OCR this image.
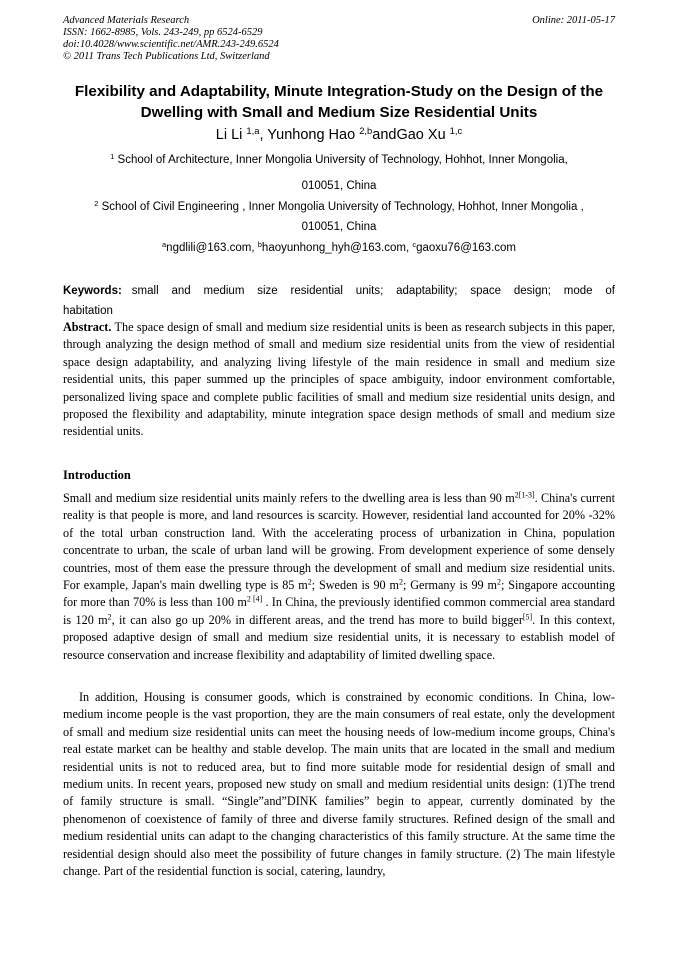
Advanced Materials Research
ISSN: 1662-8985, Vols. 243-249, pp 6524-6529
doi:10.4028/www.scientific.net/AMR.243-249.6524
© 2011 Trans Tech Publications Ltd, Switzerland
Online: 2011-05-17
Flexibility and Adaptability, Minute Integration-Study on the Design of the Dwelling with Small and Medium Size Residential Units
Li Li $^{1,a}$, Yunhong Hao $^{2,b}$andGao Xu $^{1,c}$
$^1$ School of Architecture, Inner Mongolia University of Technology, Hohhot, Inner Mongolia,
010051, China
$^2$ School of Civil Engineering , Inner Mongolia University of Technology, Hohhot, Inner Mongolia ,
010051, China
$^a$ngdlili@163.com, $^b$haoyunhong_hyh@163.com, $^c$gaoxu76@163.com
Keywords: small and medium size residential units; adaptability; space design; mode of habitation

Abstract. The space design of small and medium size residential units is been as research subjects in this paper, through analyzing the design method of small and medium size residential units from the view of residential space design adaptability, and analyzing living lifestyle of the main residence in small and medium size residential units, this paper summed up the principles of space ambiguity, indoor environment comfortable, personalized living space and complete public facilities of small and medium size residential units design, and proposed the flexibility and adaptability, minute integration space design methods of small and medium size residential units.

Introduction

Small and medium size residential units mainly refers to the dwelling area is less than 90 $m^{2[1-3]}$. China's current reality is that people is more, and land resources is scarcity. However, residential land accounted for 20% -32% of the total urban construction land. With the accelerating process of urbanization in China, population concentrate to urban, the scale of urban land will be growing. From development experience of some densely countries, most of them ease the pressure through the development of small and medium size residential units. For example, Japan's main dwelling type is 85 $m^2$; Sweden is 90 $m^2$; Germany is 99 $m^2$; Singapore accounting for more than 70% is less than 100 $m^{2 [4]}$ . In China, the previously identified common commercial area standard is 120 $m^2$, it can also go up 20% in different areas, and the trend has more to build bigger[5]. In this context, proposed adaptive design of small and medium size residential units, it is necessary to establish model of resource conservation and increase flexibility and adaptability of limited dwelling space.

In addition, Housing is consumer goods, which is constrained by economic conditions. In China, low-medium income people is the vast proportion, they are the main consumers of real estate, only the development of small and medium size residential units can meet the housing needs of low-medium income groups, China's real estate market can be healthy and stable develop. The main units that are located in the small and medium residential units is not to reduced area, but to find more suitable mode for residential design of small and medium units. In recent years, proposed new study on small and medium residential units design: (1)The trend of family structure is small. “Single”and”DINK families” begin to appear, currently dominated by the phenomenon of coexistence of family of three and diverse family structures. Refined design of the small and medium residential units can adapt to the changing characteristics of this family structure. At the same time the residential design should also meet the possibility of future changes in family structure. (2) The main lifestyle change. Part of the residential function is social, catering, laundry,
